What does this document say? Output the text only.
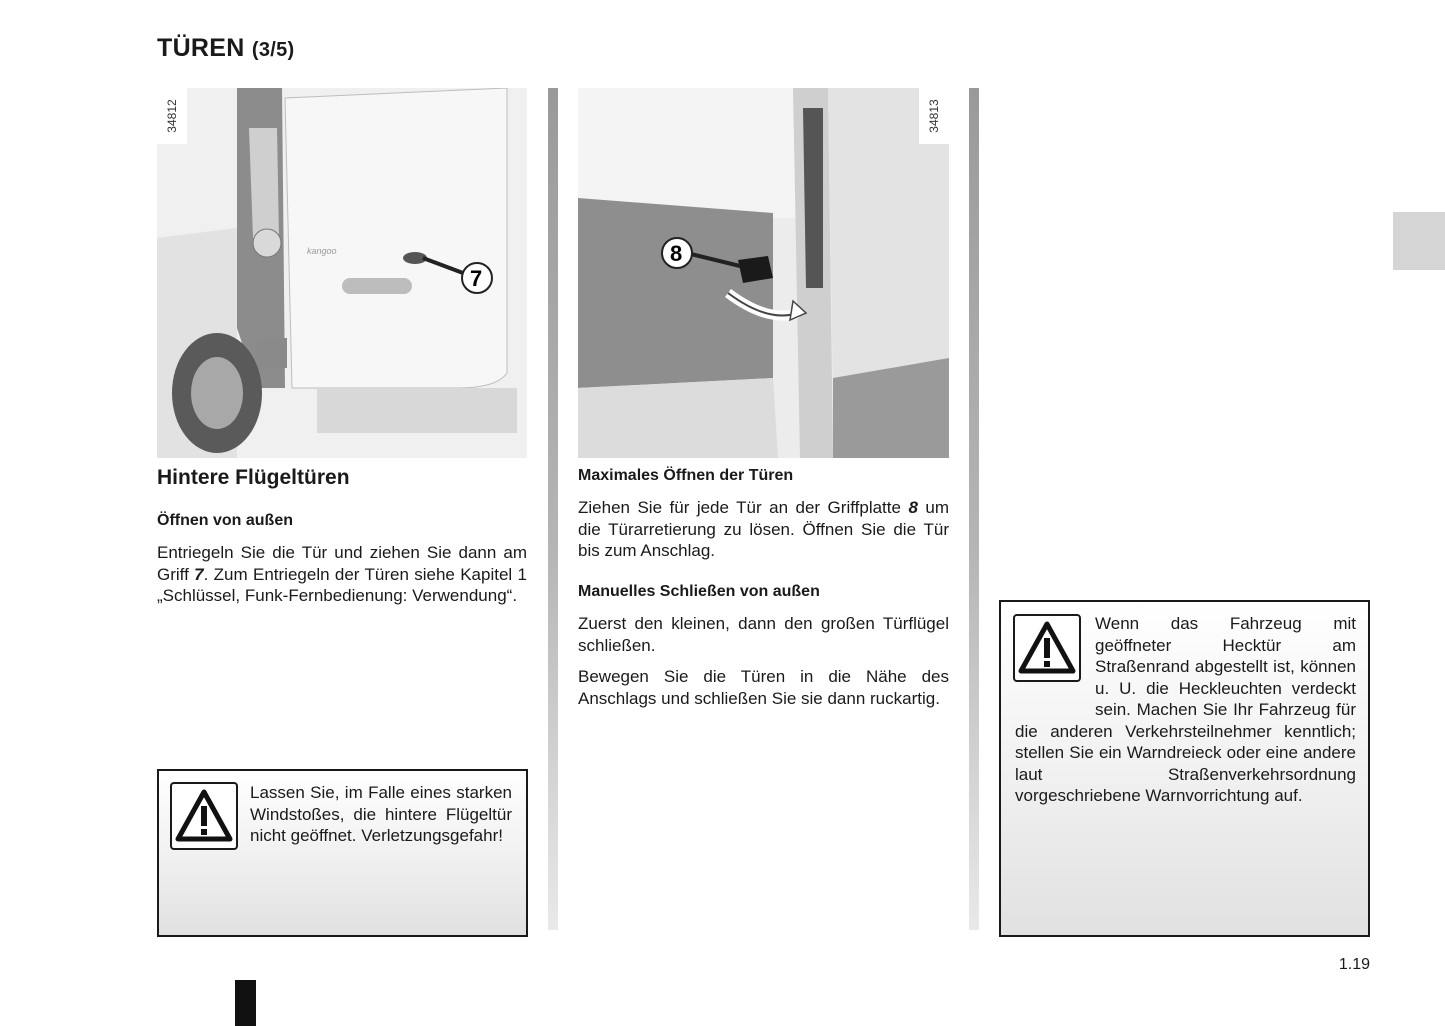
TÜREN (3/5)
kangoo
7
34812
8
34813
Hintere Flügeltüren
Öffnen von außen

Entriegeln Sie die Tür und ziehen Sie dann am Griff 7. Zum Entriegeln der Türen siehe Kapitel 1 „Schlüssel, Funk-Fernbedienung: Verwendung“.

Lassen Sie, im Falle eines starken Windstoßes, die hintere Flügeltür nicht geöffnet. Verletzungsgefahr!
Maximales Öffnen der Türen

Ziehen Sie für jede Tür an der Griffplatte 8 um die Türarretierung zu lösen. Öffnen Sie die Tür bis zum Anschlag.

Manuelles Schließen von außen

Zuerst den kleinen, dann den großen Türflügel schließen.

Bewegen Sie die Türen in die Nähe des Anschlags und schließen Sie sie dann ruckartig.

Wenn das Fahrzeug mit geöffneter Hecktür am Straßenrand abgestellt ist, können u. U. die Heckleuchten verdeckt sein. Machen Sie Ihr Fahrzeug für die anderen Verkehrsteilnehmer kenntlich; stellen Sie ein Warndreieck oder eine andere laut Straßenverkehrsordnung vorgeschriebene Warnvorrichtung auf.
1.19
